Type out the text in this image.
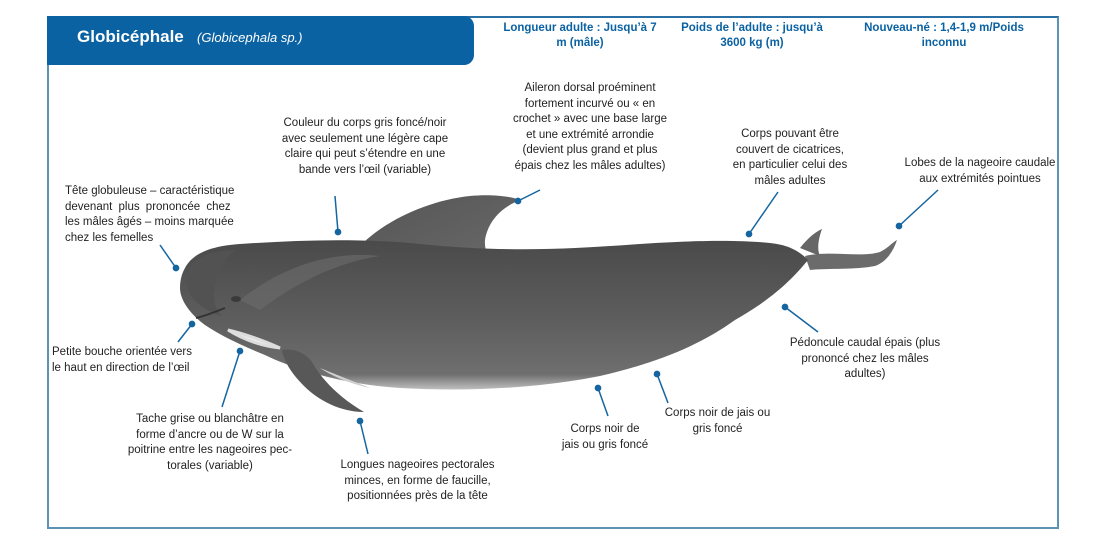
Globicéphale (Globicephala sp.)
Longueur adulte : Jusqu’à 7
m (mâle)
Poids de l’adulte : jusqu’à
3600 kg (m)
Nouveau-né : 1,4-1,9 m/Poids
inconnu
Tête globuleuse – caractéristique
devenant plus prononcée chez
les mâles âgés – moins marquée
chez les femelles
Couleur du corps gris foncé/noir
avec seulement une légère cape
claire qui peut s’étendre en une
bande vers l’œil (variable)
Aileron dorsal proéminent
fortement incurvé ou « en
crochet » avec une base large
et une extrémité arrondie
(devient plus grand et plus
épais chez les mâles adultes)
Corps pouvant être
couvert de cicatrices,
en particulier celui des
mâles adultes
Lobes de la nageoire caudale
aux extrémités pointues
Petite bouche orientée vers
le haut en direction de l’œil
Tache grise ou blanchâtre en
forme d’ancre ou de W sur la
poitrine entre les nageoires pec-
torales (variable)	Longues nageoires pectorales
minces, en forme de faucille,
positionnées près de la tête
Corps noir de
jais ou gris foncé
Corps noir de jais ou
gris foncé
Pédoncule caudal épais (plus
prononcé chez les mâles
adultes)
